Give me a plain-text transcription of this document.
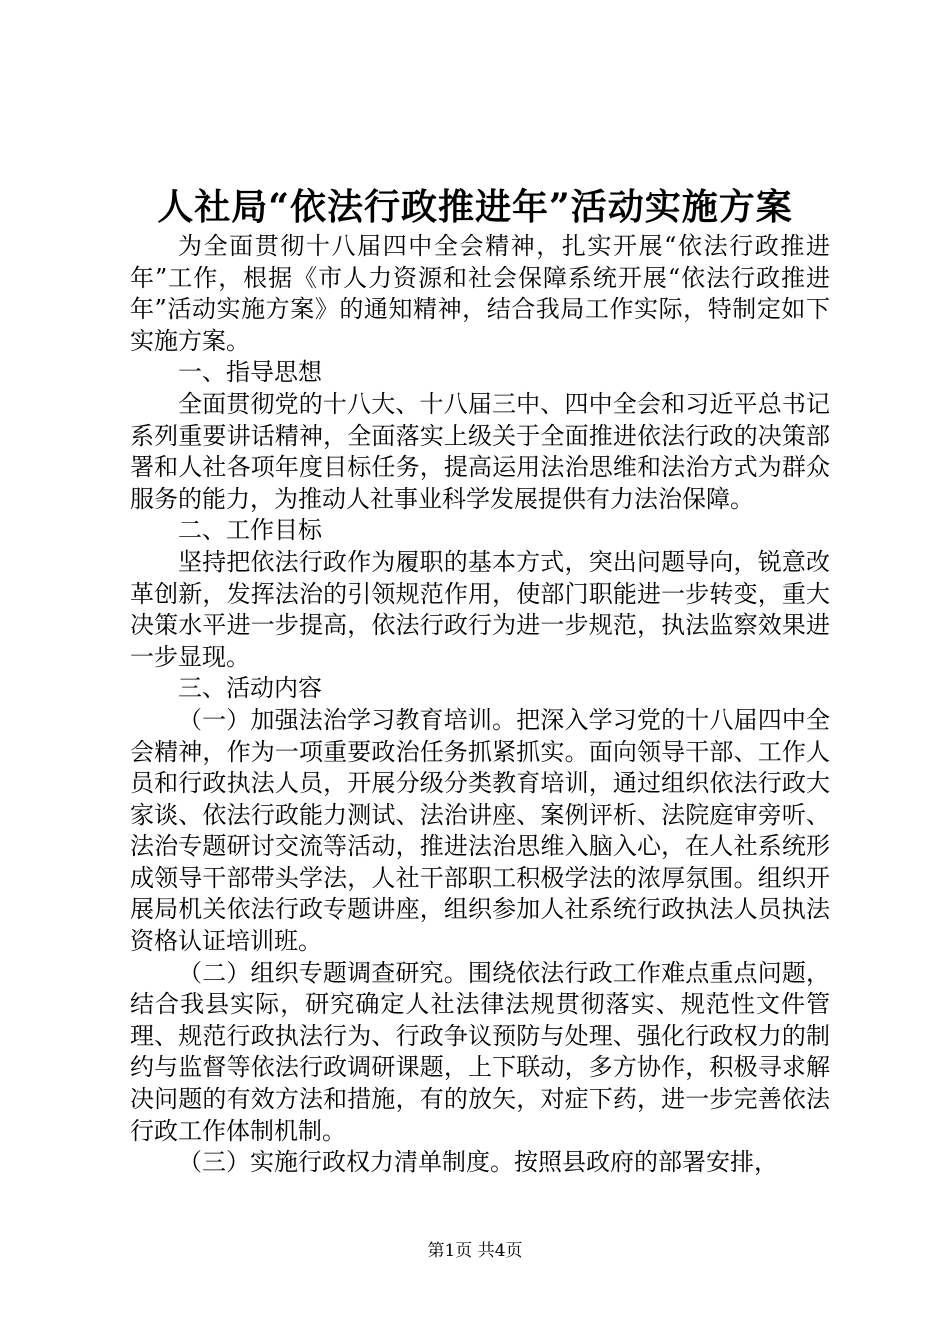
人社局“依法行政推进年”活动实施方案

为全面贯彻十八届四中全会精神，扎实开展“依法行政推进年”工作，根据《市人力资源和社会保障系统开展“依法行政推进年”活动实施方案》的通知精神，结合我局工作实际，特制定如下实施方案。

一、指导思想

全面贯彻党的十八大、十八届三中、四中全会和习近平总书记系列重要讲话精神，全面落实上级关于全面推进依法行政的决策部署和人社各项年度目标任务，提高运用法治思维和法治方式为群众服务的能力，为推动人社事业科学发展提供有力法治保障。

二、工作目标

坚持把依法行政作为履职的基本方式，突出问题导向，锐意改革创新，发挥法治的引领规范作用，使部门职能进一步转变，重大决策水平进一步提高，依法行政行为进一步规范，执法监察效果进一步显现。

三、活动内容

（一）加强法治学习教育培训。把深入学习党的十八届四中全会精神，作为一项重要政治任务抓紧抓实。面向领导干部、工作人员和行政执法人员，开展分级分类教育培训，通过组织依法行政大家谈、依法行政能力测试、法治讲座、案例评析、法院庭审旁听、法治专题研讨交流等活动，推进法治思维入脑入心，在人社系统形成领导干部带头学法，人社干部职工积极学法的浓厚氛围。组织开展局机关依法行政专题讲座，组织参加人社系统行政执法人员执法资格认证培训班。

（二）组织专题调查研究。围绕依法行政工作难点重点问题，结合我县实际，研究确定人社法律法规贯彻落实、规范性文件管理、规范行政执法行为、行政争议预防与处理、强化行政权力的制约与监督等依法行政调研课题，上下联动，多方协作，积极寻求解决问题的有效方法和措施，有的放矢，对症下药，进一步完善依法行政工作体制机制。

（三）实施行政权力清单制度。按照县政府的部署安排，

第1页 共4页
